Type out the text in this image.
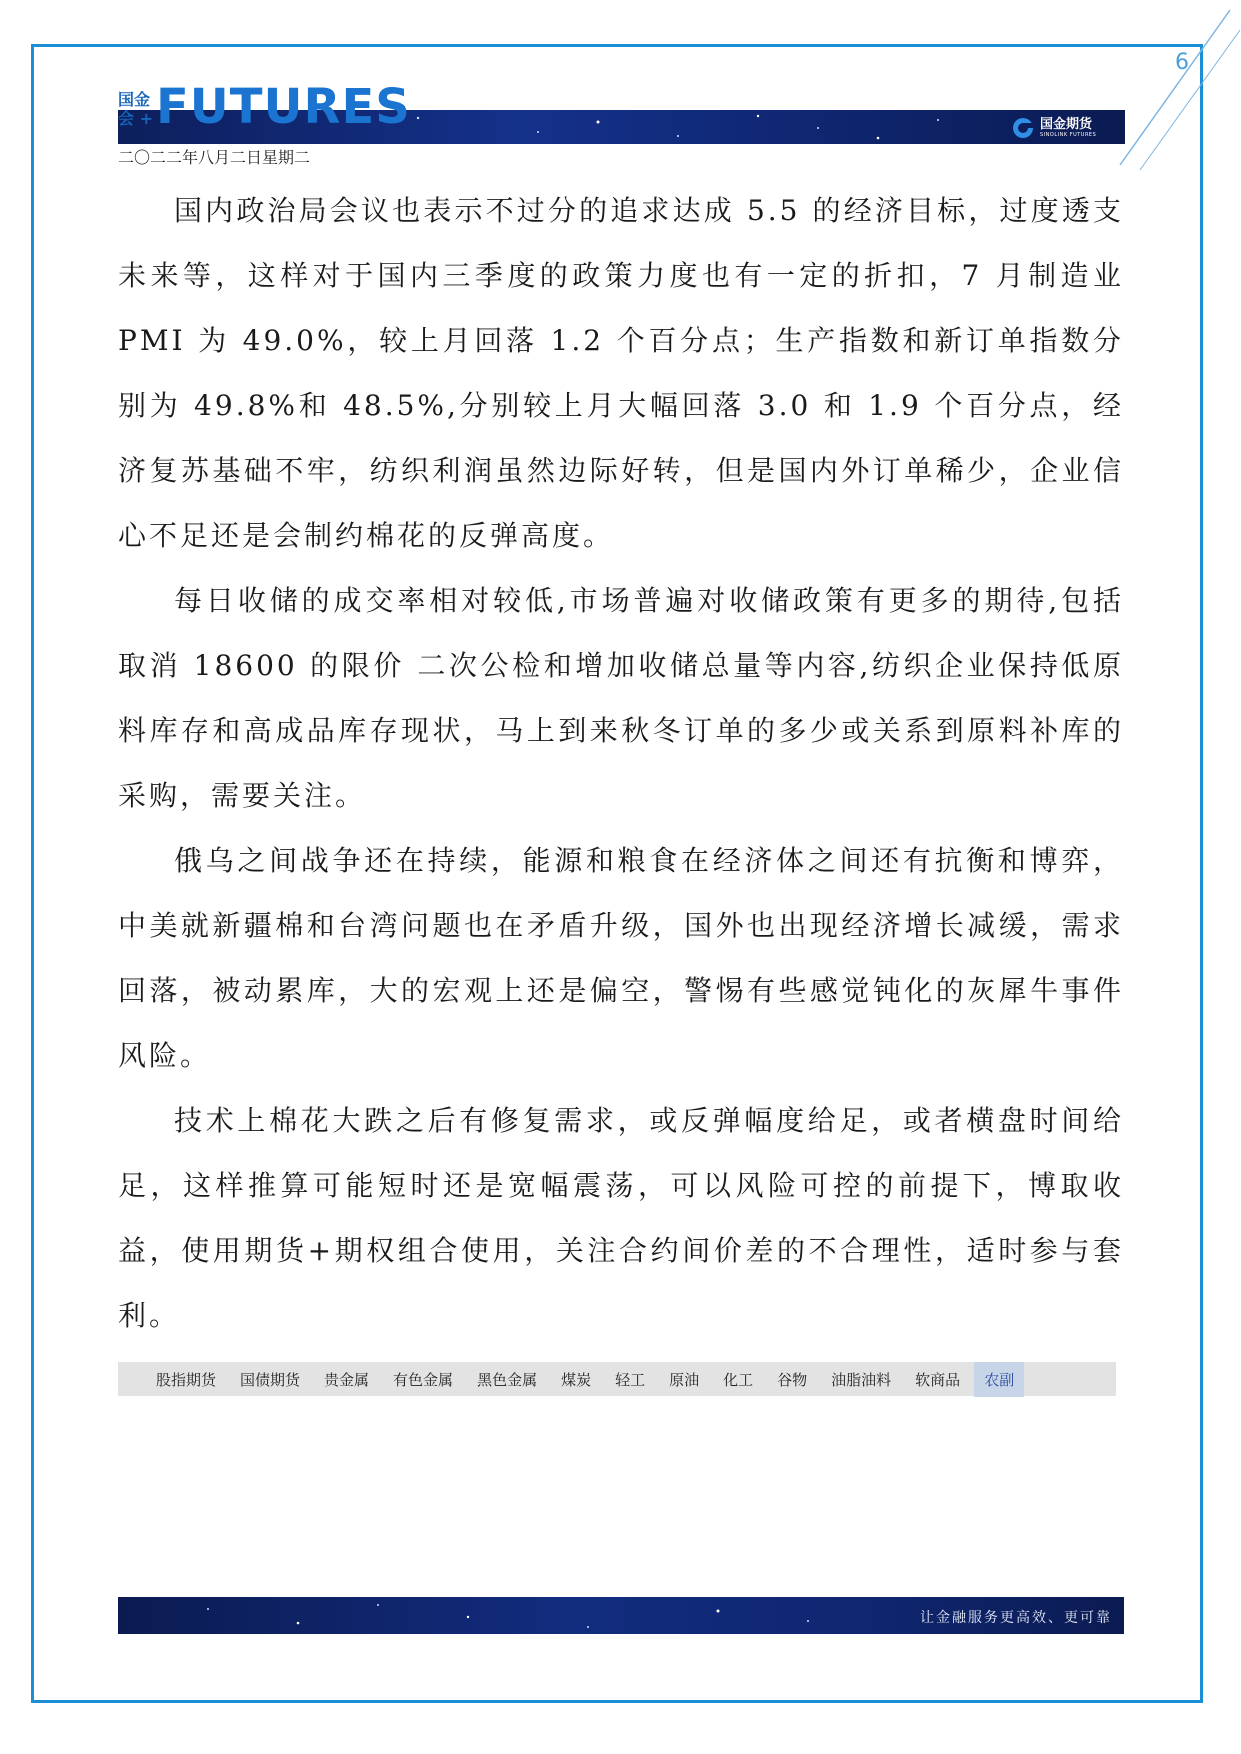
6
国金
会 + FUTURES	国金期货
SINOLINK FUTURES
二〇二二年八月二日星期二

国内政治局会议也表示不过分的追求达成 5.5 的经济目标，过度透支未来等，这样对于国内三季度的政策力度也有一定的折扣，7 月制造业 PMI 为 49.0%，较上月回落 1.2 个百分点；生产指数和新订单指数分别为 49.8%和 48.5%,分别较上月大幅回落 3.0 和 1.9 个百分点，经济复苏基础不牢，纺织利润虽然边际好转，但是国内外订单稀少，企业信心不足还是会制约棉花的反弹高度。

每日收储的成交率相对较低,市场普遍对收储政策有更多的期待,包括取消 18600 的限价 二次公检和增加收储总量等内容,纺织企业保持低原料库存和高成品库存现状，马上到来秋冬订单的多少或关系到原料补库的采购，需要关注。

俄乌之间战争还在持续，能源和粮食在经济体之间还有抗衡和博弈，中美就新疆棉和台湾问题也在矛盾升级，国外也出现经济增长减缓，需求回落，被动累库，大的宏观上还是偏空，警惕有些感觉钝化的灰犀牛事件风险。

技术上棉花大跌之后有修复需求，或反弹幅度给足，或者横盘时间给足，这样推算可能短时还是宽幅震荡，可以风险可控的前提下，博取收益，使用期货+期权组合使用，关注合约间价差的不合理性，适时参与套利。

股指期货 国债期货 贵金属 有色金属 黑色金属 煤炭 轻工 原油 化工 谷物 油脂油料 软商品	农副
让金融服务更高效、更可靠
